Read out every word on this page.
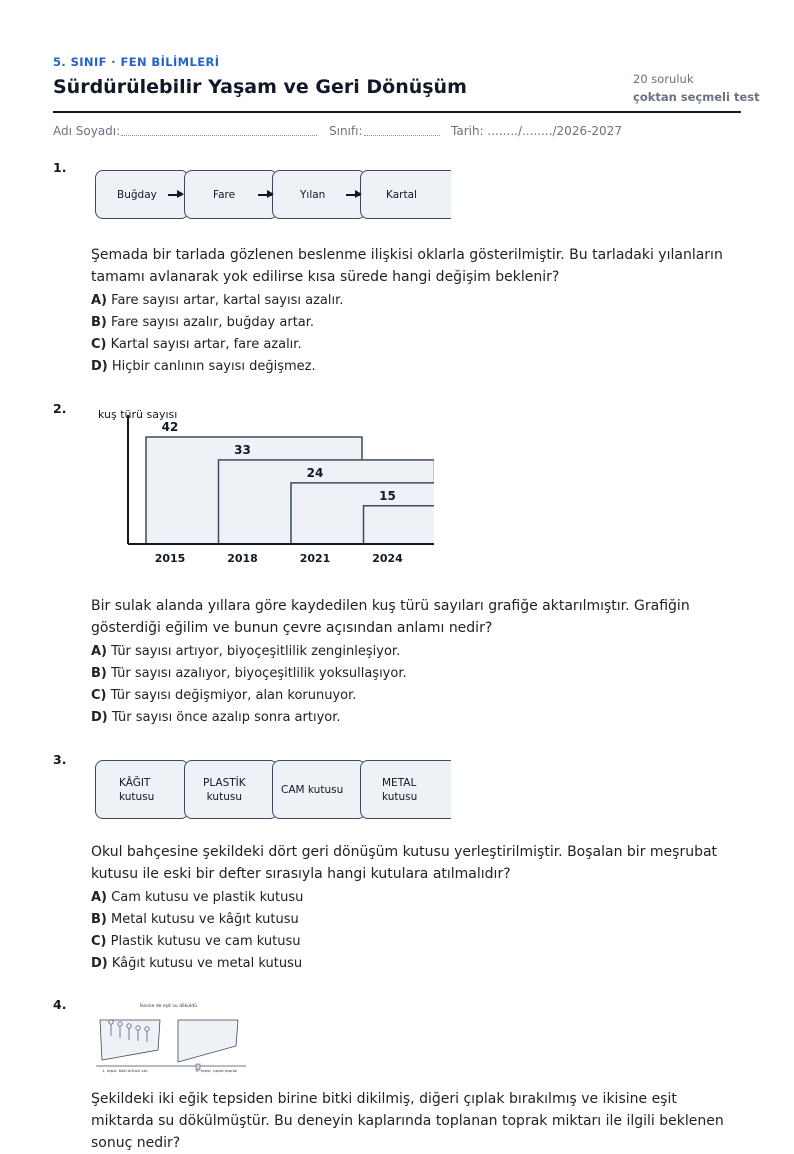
5. SINIF · FEN BİLİMLERİ
Sürdürülebilir Yaşam ve Geri Dönüşüm	20 soruluk
çoktan seçmeli test
Adı Soyadı:	Sınıfı:	Tarih: ......../......../2026-2027
1.
Buğday	Fare	Yılan	Kartal
Şemada bir tarlada gözlenen beslenme ilişkisi oklarla gösterilmiştir. Bu tarladaki yılanların tamamı avlanarak yok edilirse kısa sürede hangi değişim beklenir?
A) Fare sayısı artar, kartal sayısı azalır.
B) Fare sayısı azalır, buğday artar.
C) Kartal sayısı artar, fare azalır.
D) Hiçbir canlının sayısı değişmez.
2.	kuş türü sayısı
42
2015
33
2018
24
2021
15
2024
Bir sulak alanda yıllara göre kaydedilen kuş türü sayıları grafiğe aktarılmıştır. Grafiğin gösterdiği eğilim ve bunun çevre açısından anlamı nedir?
A) Tür sayısı artıyor, biyoçeşitlilik zenginleşiyor.
B) Tür sayısı azalıyor, biyoçeşitlilik yoksullaşıyor.
C) Tür sayısı değişmiyor, alan korunuyor.
D) Tür sayısı önce azalıp sonra artıyor.
3.
KÂĞIT
kutusu
PLASTİK
kutusu
CAM kutusu
METAL
kutusu
Okul bahçesine şekildeki dört geri dönüşüm kutusu yerleştirilmiştir. Boşalan bir meşrubat kutusu ile eski bir defter sırasıyla hangi kutulara atılmalıdır?
A) Cam kutusu ve plastik kutusu
B) Metal kutusu ve kâğıt kutusu
C) Plastik kutusu ve cam kutusu
D) Kâğıt kutusu ve metal kutusu
4.	İkisine de eşit su döküldü
1. tepsi: bitki örtüsü var	2. tepsi: çıplak toprak
Şekildeki iki eğik tepsiden birine bitki dikilmiş, diğeri çıplak bırakılmış ve ikisine eşit miktarda su dökülmüştür. Bu deneyin kaplarında toplanan toprak miktarı ile ilgili beklenen sonuç nedir?
